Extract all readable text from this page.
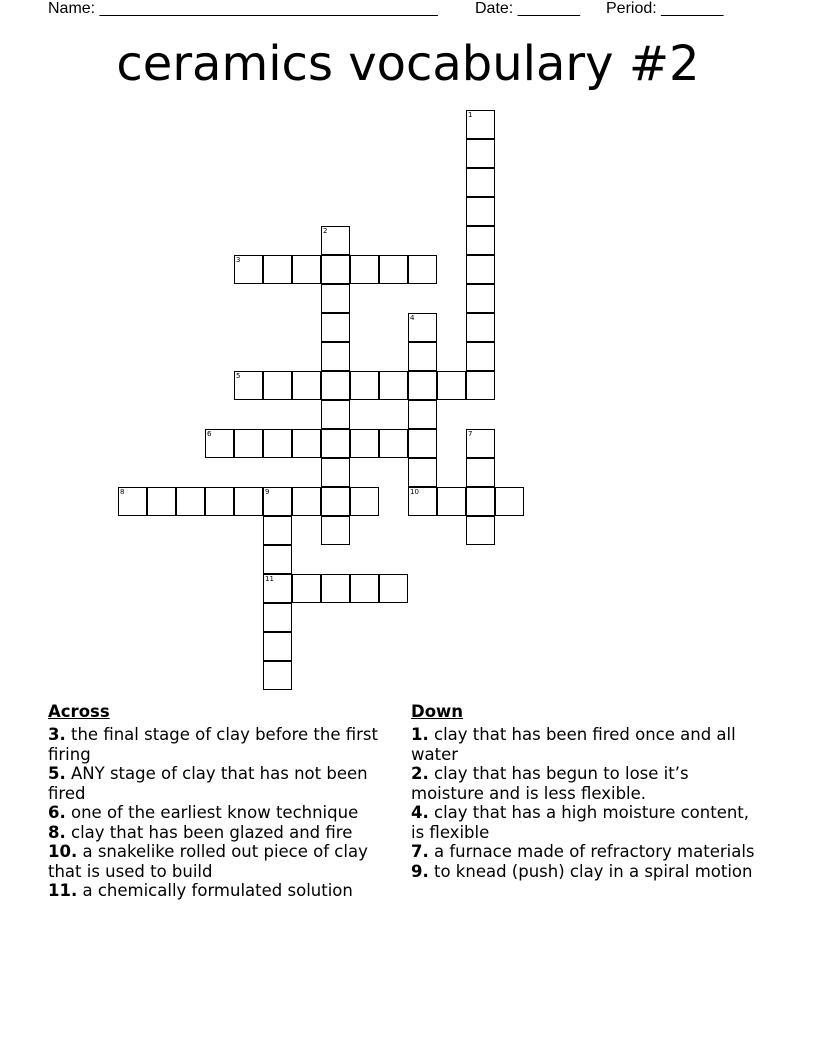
Name: ______________________________________ Date: _______ Period: _______
ceramics vocabulary #2
1
2
3
4
10
5
6	7
8	9
11
Across

3. the final stage of clay before the first firing

5. ANY stage of clay that has not been fired

6. one of the earliest know technique

8. clay that has been glazed and fire

10. a snakelike rolled out piece of clay that is used to build

11. a chemically formulated solution

Down

1. clay that has been fired once and all water

2. clay that has begun to lose it’s moisture and is less flexible.

4. clay that has a high moisture content, is flexible

7. a furnace made of refractory materials

9. to knead (push) clay in a spiral motion
